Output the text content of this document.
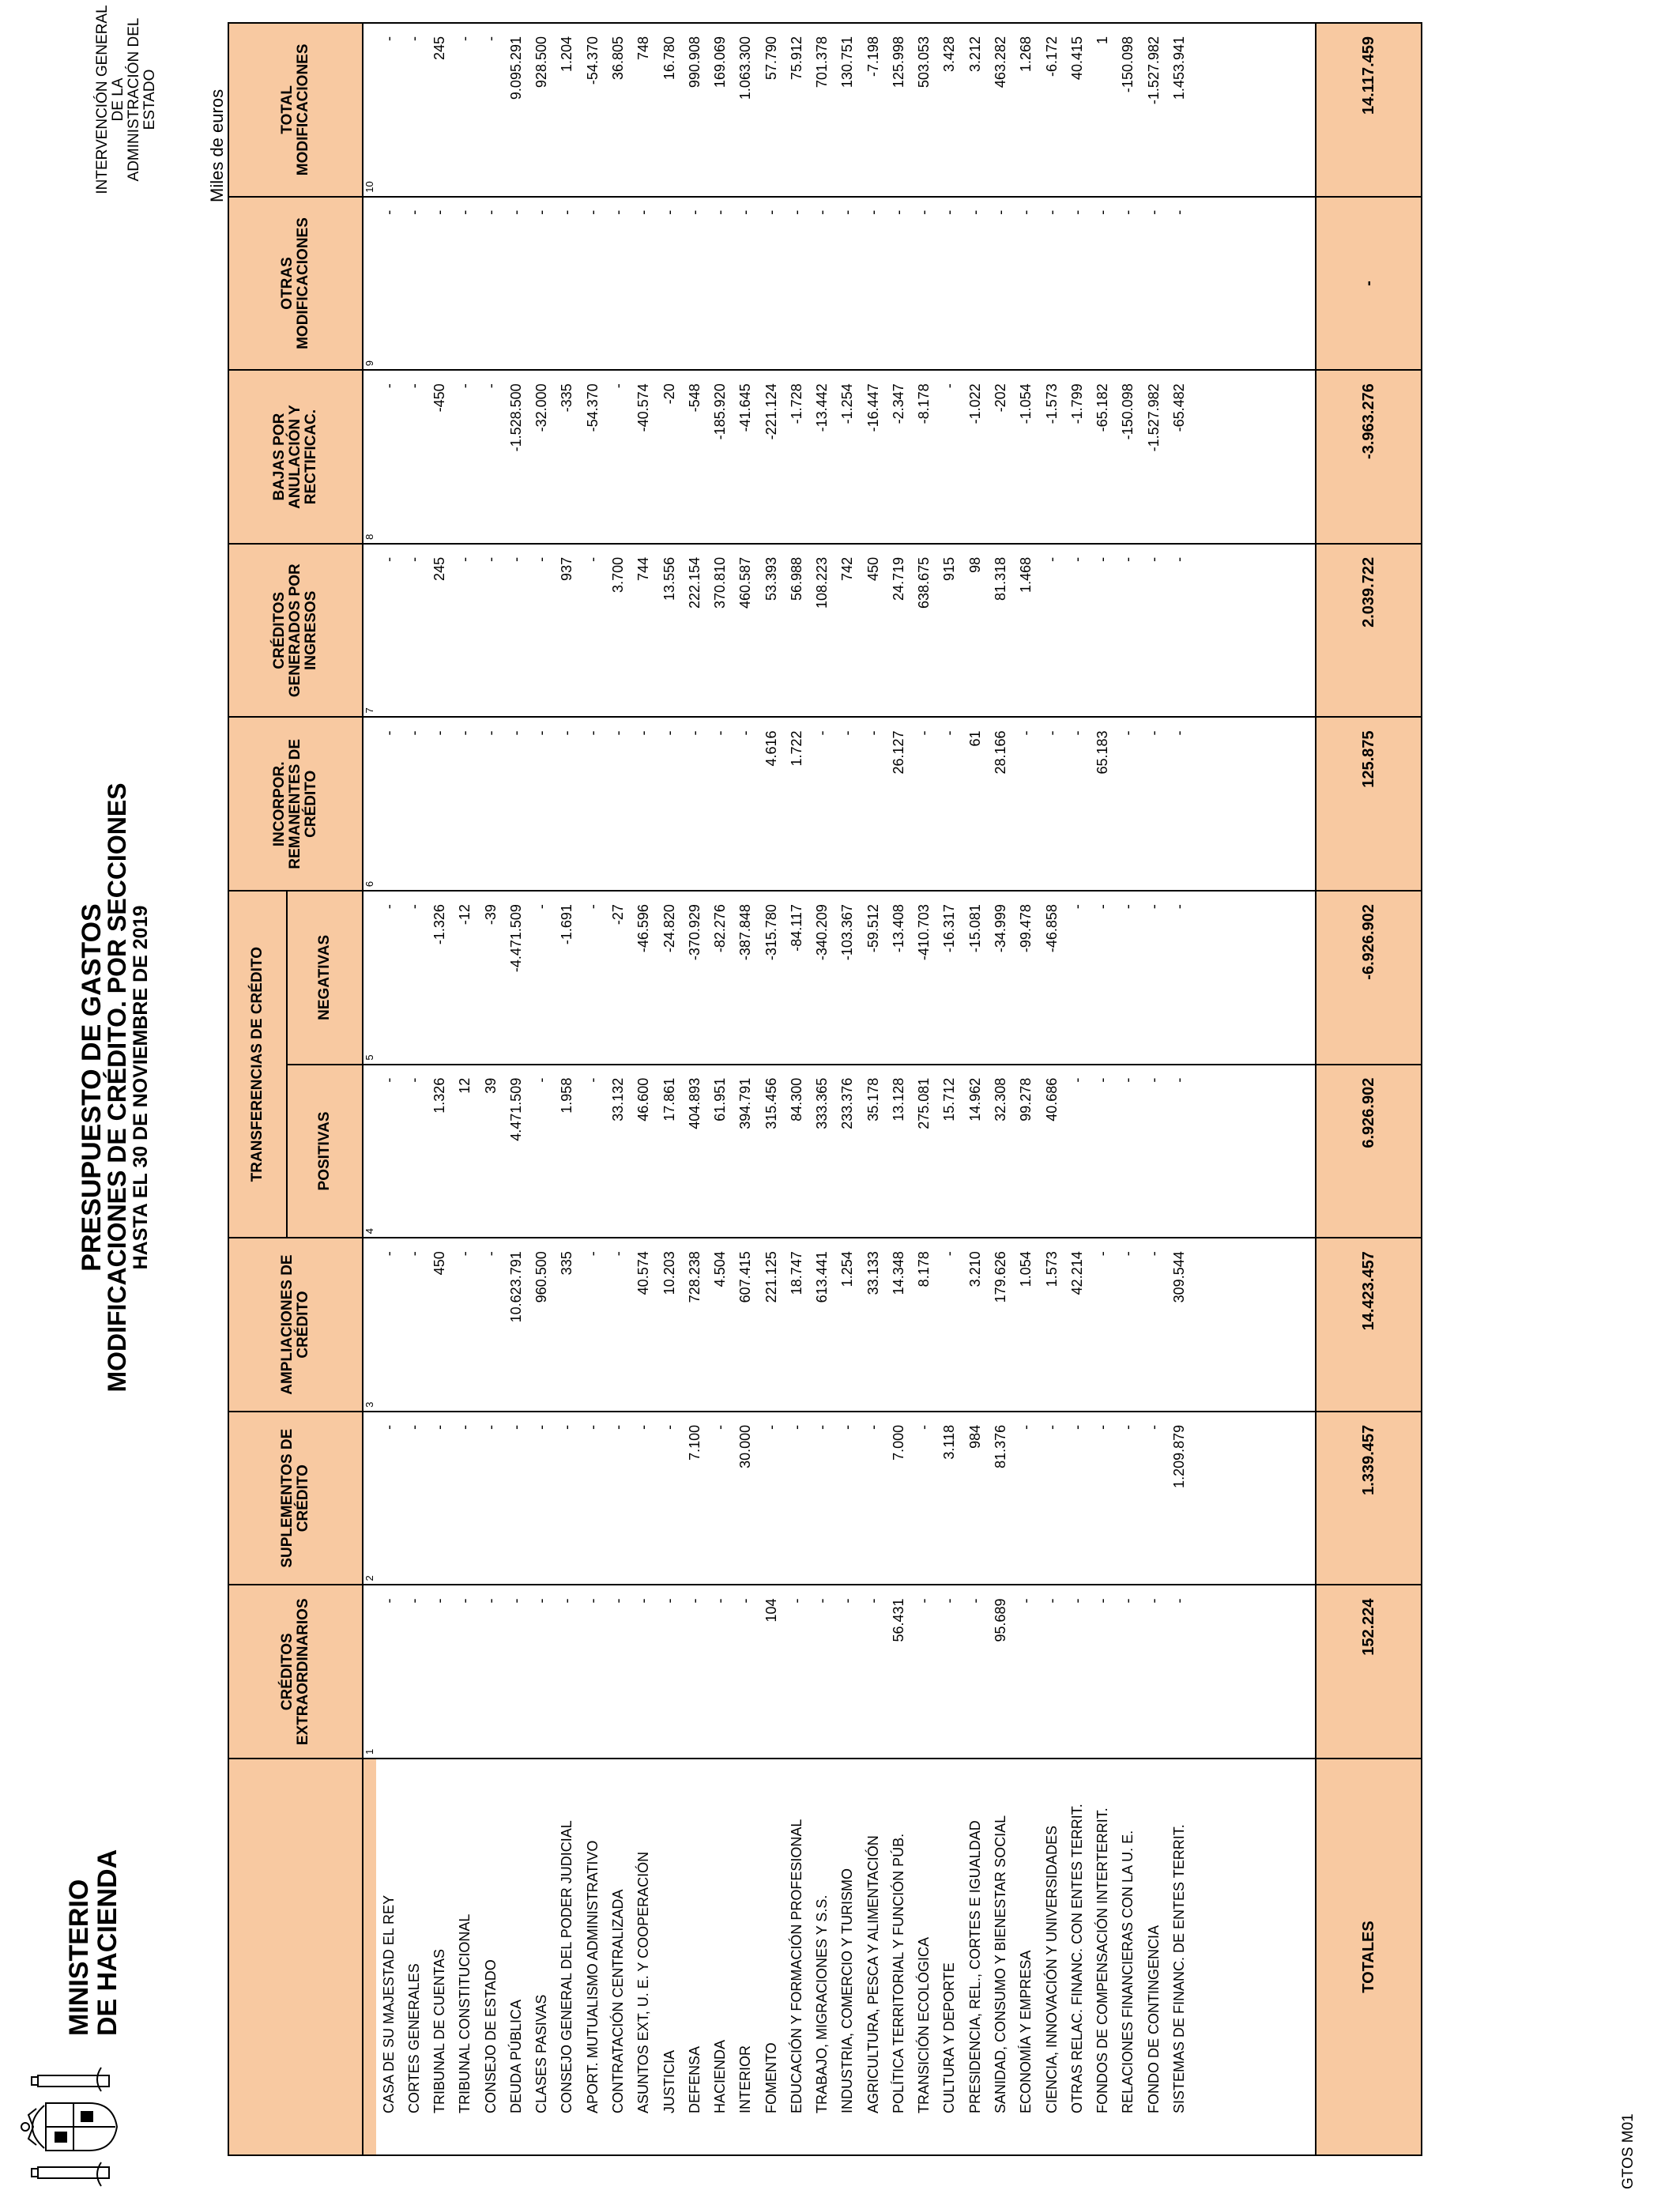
MINISTERIO
DE HACIENDA
PRESUPUESTO DE GASTOS
MODIFICACIONES DE CRÉDITO. POR SECCIONES
HASTA EL 30 DE NOVIEMBRE DE 2019
INTERVENCIÓN GENERAL DE LA ADMINISTRACIÓN DEL ESTADO	Miles de euros
	CRÉDITOS EXTRAORDINARIOS	SUPLEMENTOS DE CRÉDITO	AMPLIACIONES DE CRÉDITO	TRANSFERENCIAS DE CRÉDITO		INCORPOR. REMANENTES DE CRÉDITO	CRÉDITOS GENERADOS POR INGRESOS	BAJAS POR ANULACIÓN Y RECTIFICAC.	OTRAS MODIFICACIONES	TOTAL MODIFICACIONES
				POSITIVAS	NEGATIVAS					
	1	2	3	4	5	6	7	8	9	10
CASA DE SU MAJESTAD EL REY	-	-	-	-	-	-	-	-	-	-
CORTES GENERALES	-	-	-	-	-	-	-	-	-	-
TRIBUNAL DE CUENTAS	-	-	450	1.326	-1.326	-	245	-450	-	245
TRIBUNAL CONSTITUCIONAL	-	-	-	12	-12	-	-	-	-	-
CONSEJO DE ESTADO	-	-	-	39	-39	-	-	-	-	-
DEUDA PÚBLICA	-	-	10.623.791	4.471.509	-4.471.509	-	-	-1.528.500	-	9.095.291
CLASES PASIVAS	-	-	960.500	-	-	-	-	-32.000	-	928.500
CONSEJO GENERAL DEL PODER JUDICIAL	-	-	335	1.958	-1.691	-	937	-335	-	1.204
APORT. MUTUALISMO ADMINISTRATIVO	-	-	-	-	-	-	-	-54.370	-	-54.370
CONTRATACIÓN CENTRALIZADA	-	-	-	33.132	-27	-	3.700	-	-	36.805
ASUNTOS EXT, U. E. Y COOPERACIÓN	-	-	40.574	46.600	-46.596	-	744	-40.574	-	748
JUSTICIA	-	-	10.203	17.861	-24.820	-	13.556	-20	-	16.780
DEFENSA	-	7.100	728.238	404.893	-370.929	-	222.154	-548	-	990.908
HACIENDA	-	-	4.504	61.951	-82.276	-	370.810	-185.920	-	169.069
INTERIOR	-	30.000	607.415	394.791	-387.848	-	460.587	-41.645	-	1.063.300
FOMENTO	104	-	221.125	315.456	-315.780	4.616	53.393	-221.124	-	57.790
EDUCACIÓN Y FORMACIÓN PROFESIONAL	-	-	18.747	84.300	-84.117	1.722	56.988	-1.728	-	75.912
TRABAJO, MIGRACIONES Y S.S.	-	-	613.441	333.365	-340.209	-	108.223	-13.442	-	701.378
INDUSTRIA, COMERCIO Y TURISMO	-	-	1.254	233.376	-103.367	-	742	-1.254	-	130.751
AGRICULTURA, PESCA Y ALIMENTACIÓN	-	-	33.133	35.178	-59.512	-	450	-16.447	-	-7.198
POLÍTICA TERRITORIAL Y FUNCIÓN PÚB.	56.431	7.000	14.348	13.128	-13.408	26.127	24.719	-2.347	-	125.998
TRANSICIÓN ECOLÓGICA	-	-	8.178	275.081	-410.703	-	638.675	-8.178	-	503.053
CULTURA Y DEPORTE	-	3.118	-	15.712	-16.317	-	915	-	-	3.428
PRESIDENCIA, REL., CORTES E IGUALDAD	-	984	3.210	14.962	-15.081	61	98	-1.022	-	3.212
SANIDAD, CONSUMO Y BIENESTAR SOCIAL	95.689	81.376	179.626	32.308	-34.999	28.166	81.318	-202	-	463.282
ECONOMÍA Y EMPRESA	-	-	1.054	99.278	-99.478	-	1.468	-1.054	-	1.268
CIENCIA, INNOVACIÓN Y UNIVERSIDADES	-	-	1.573	40.686	-46.858	-	-	-1.573	-	-6.172
OTRAS RELAC. FINANC. CON ENTES TERRIT.	-	-	42.214	-	-	-	-	-1.799	-	40.415
FONDOS DE COMPENSACIÓN INTERTERRIT.	-	-	-	-	-	65.183	-	-65.182	-	1
RELACIONES FINANCIERAS CON LA U. E.	-	-	-	-	-	-	-	-150.098	-	-150.098
FONDO DE CONTINGENCIA	-	-	-	-	-	-	-	-1.527.982	-	-1.527.982
SISTEMAS DE FINANC. DE ENTES TERRIT.	-	1.209.879	309.544	-	-	-	-	-65.482	-	1.453.941

TOTALES	152.224	1.339.457	14.423.457	6.926.902	-6.926.902	125.875	2.039.722	-3.963.276	-	14.117.459
GTOS M01
